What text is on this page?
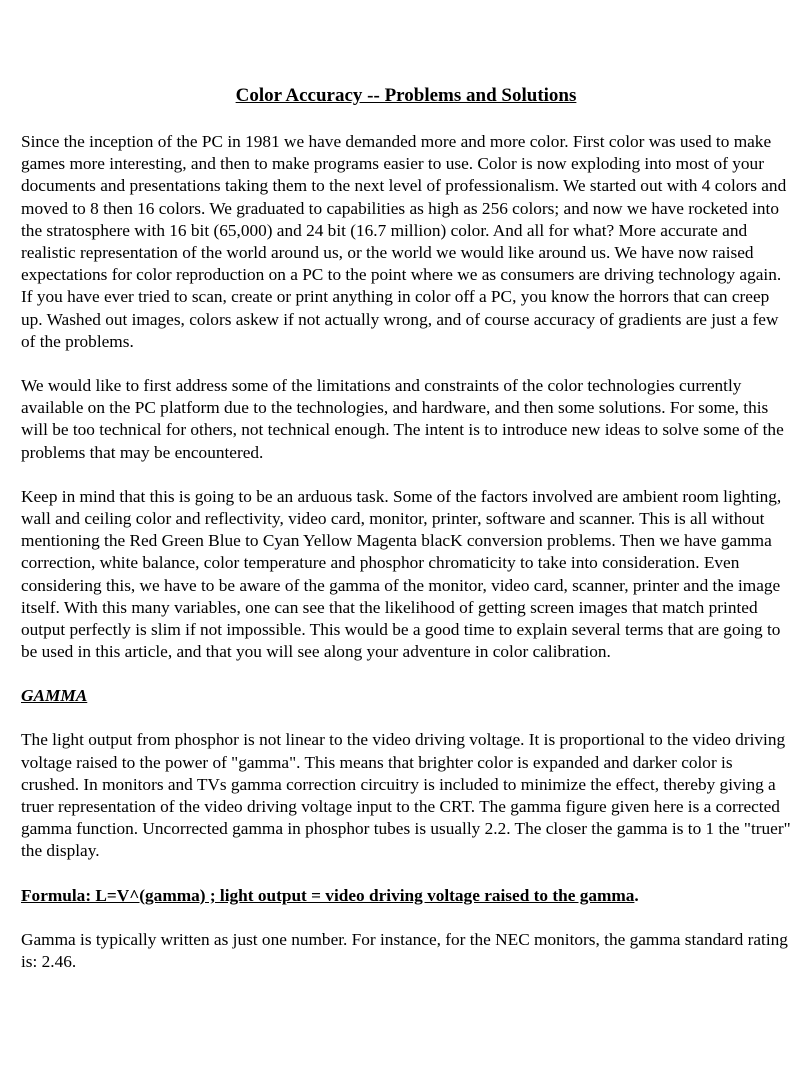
Color Accuracy -- Problems and Solutions

Since the inception of the PC in 1981 we have demanded more and more color. First color was used to make games more interesting, and then to make programs easier to use. Color is now exploding into most of your documents and presentations taking them to the next level of professionalism. We started out with 4 colors and moved to 8 then 16 colors. We graduated to capabilities as high as 256 colors; and now we have rocketed into the stratosphere with 16 bit (65,000) and 24 bit (16.7 million) color. And all for what? More accurate and realistic representation of the world around us, or the world we would like around us. We have now raised expectations for color reproduction on a PC to the point where we as consumers are driving technology again. If you have ever tried to scan, create or print anything in color off a PC, you know the horrors that can creep up. Washed out images, colors askew if not actually wrong, and of course accuracy of gradients are just a few of the problems.

We would like to first address some of the limitations and constraints of the color technologies currently available on the PC platform due to the technologies, and hardware, and then some solutions. For some, this will be too technical for others, not technical enough. The intent is to introduce new ideas to solve some of the problems that may be encountered.

Keep in mind that this is going to be an arduous task. Some of the factors involved are ambient room lighting, wall and ceiling color and reflectivity, video card, monitor, printer, software and scanner. This is all without mentioning the Red Green Blue to Cyan Yellow Magenta blacK conversion problems. Then we have gamma correction, white balance, color temperature and phosphor chromaticity to take into consideration. Even considering this, we have to be aware of the gamma of the monitor, video card, scanner, printer and the image itself. With this many variables, one can see that the likelihood of getting screen images that match printed output perfectly is slim if not impossible. This would be a good time to explain several terms that are going to be used in this article, and that you will see along your adventure in color calibration.

GAMMA

The light output from phosphor is not linear to the video driving voltage. It is proportional to the video driving voltage raised to the power of "gamma". This means that brighter color is expanded and darker color is crushed. In monitors and TVs gamma correction circuitry is included to minimize the effect, thereby giving a truer representation of the video driving voltage input to the CRT. The gamma figure given here is a corrected gamma function. Uncorrected gamma in phosphor tubes is usually 2.2. The closer the gamma is to 1 the "truer" the display.

Formula: L=V^(gamma) ; light output = video driving voltage raised to the gamma.

Gamma is typically written as just one number. For instance, for the NEC monitors, the gamma standard rating is: 2.46.
